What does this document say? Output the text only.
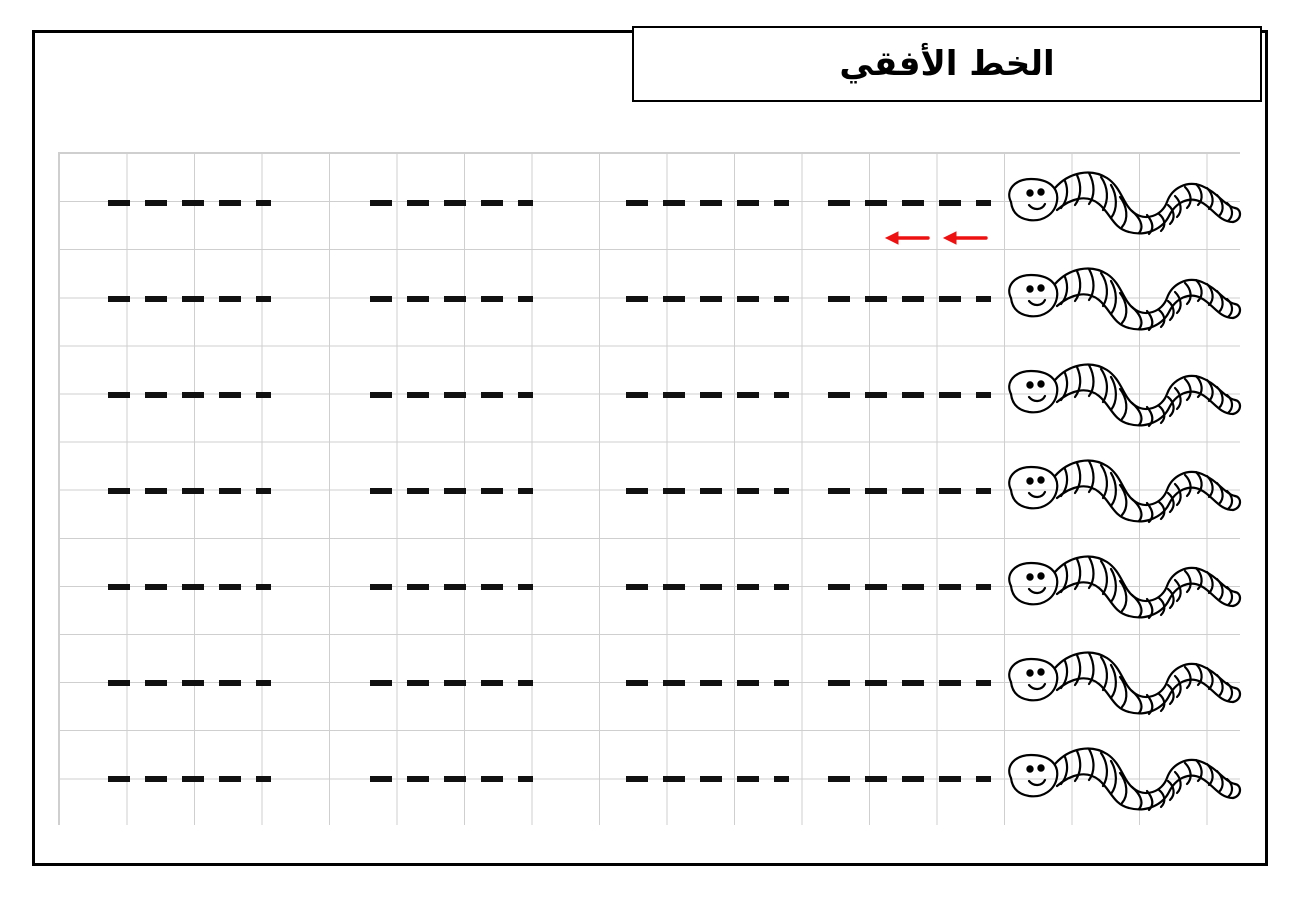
الخط الأفقي
